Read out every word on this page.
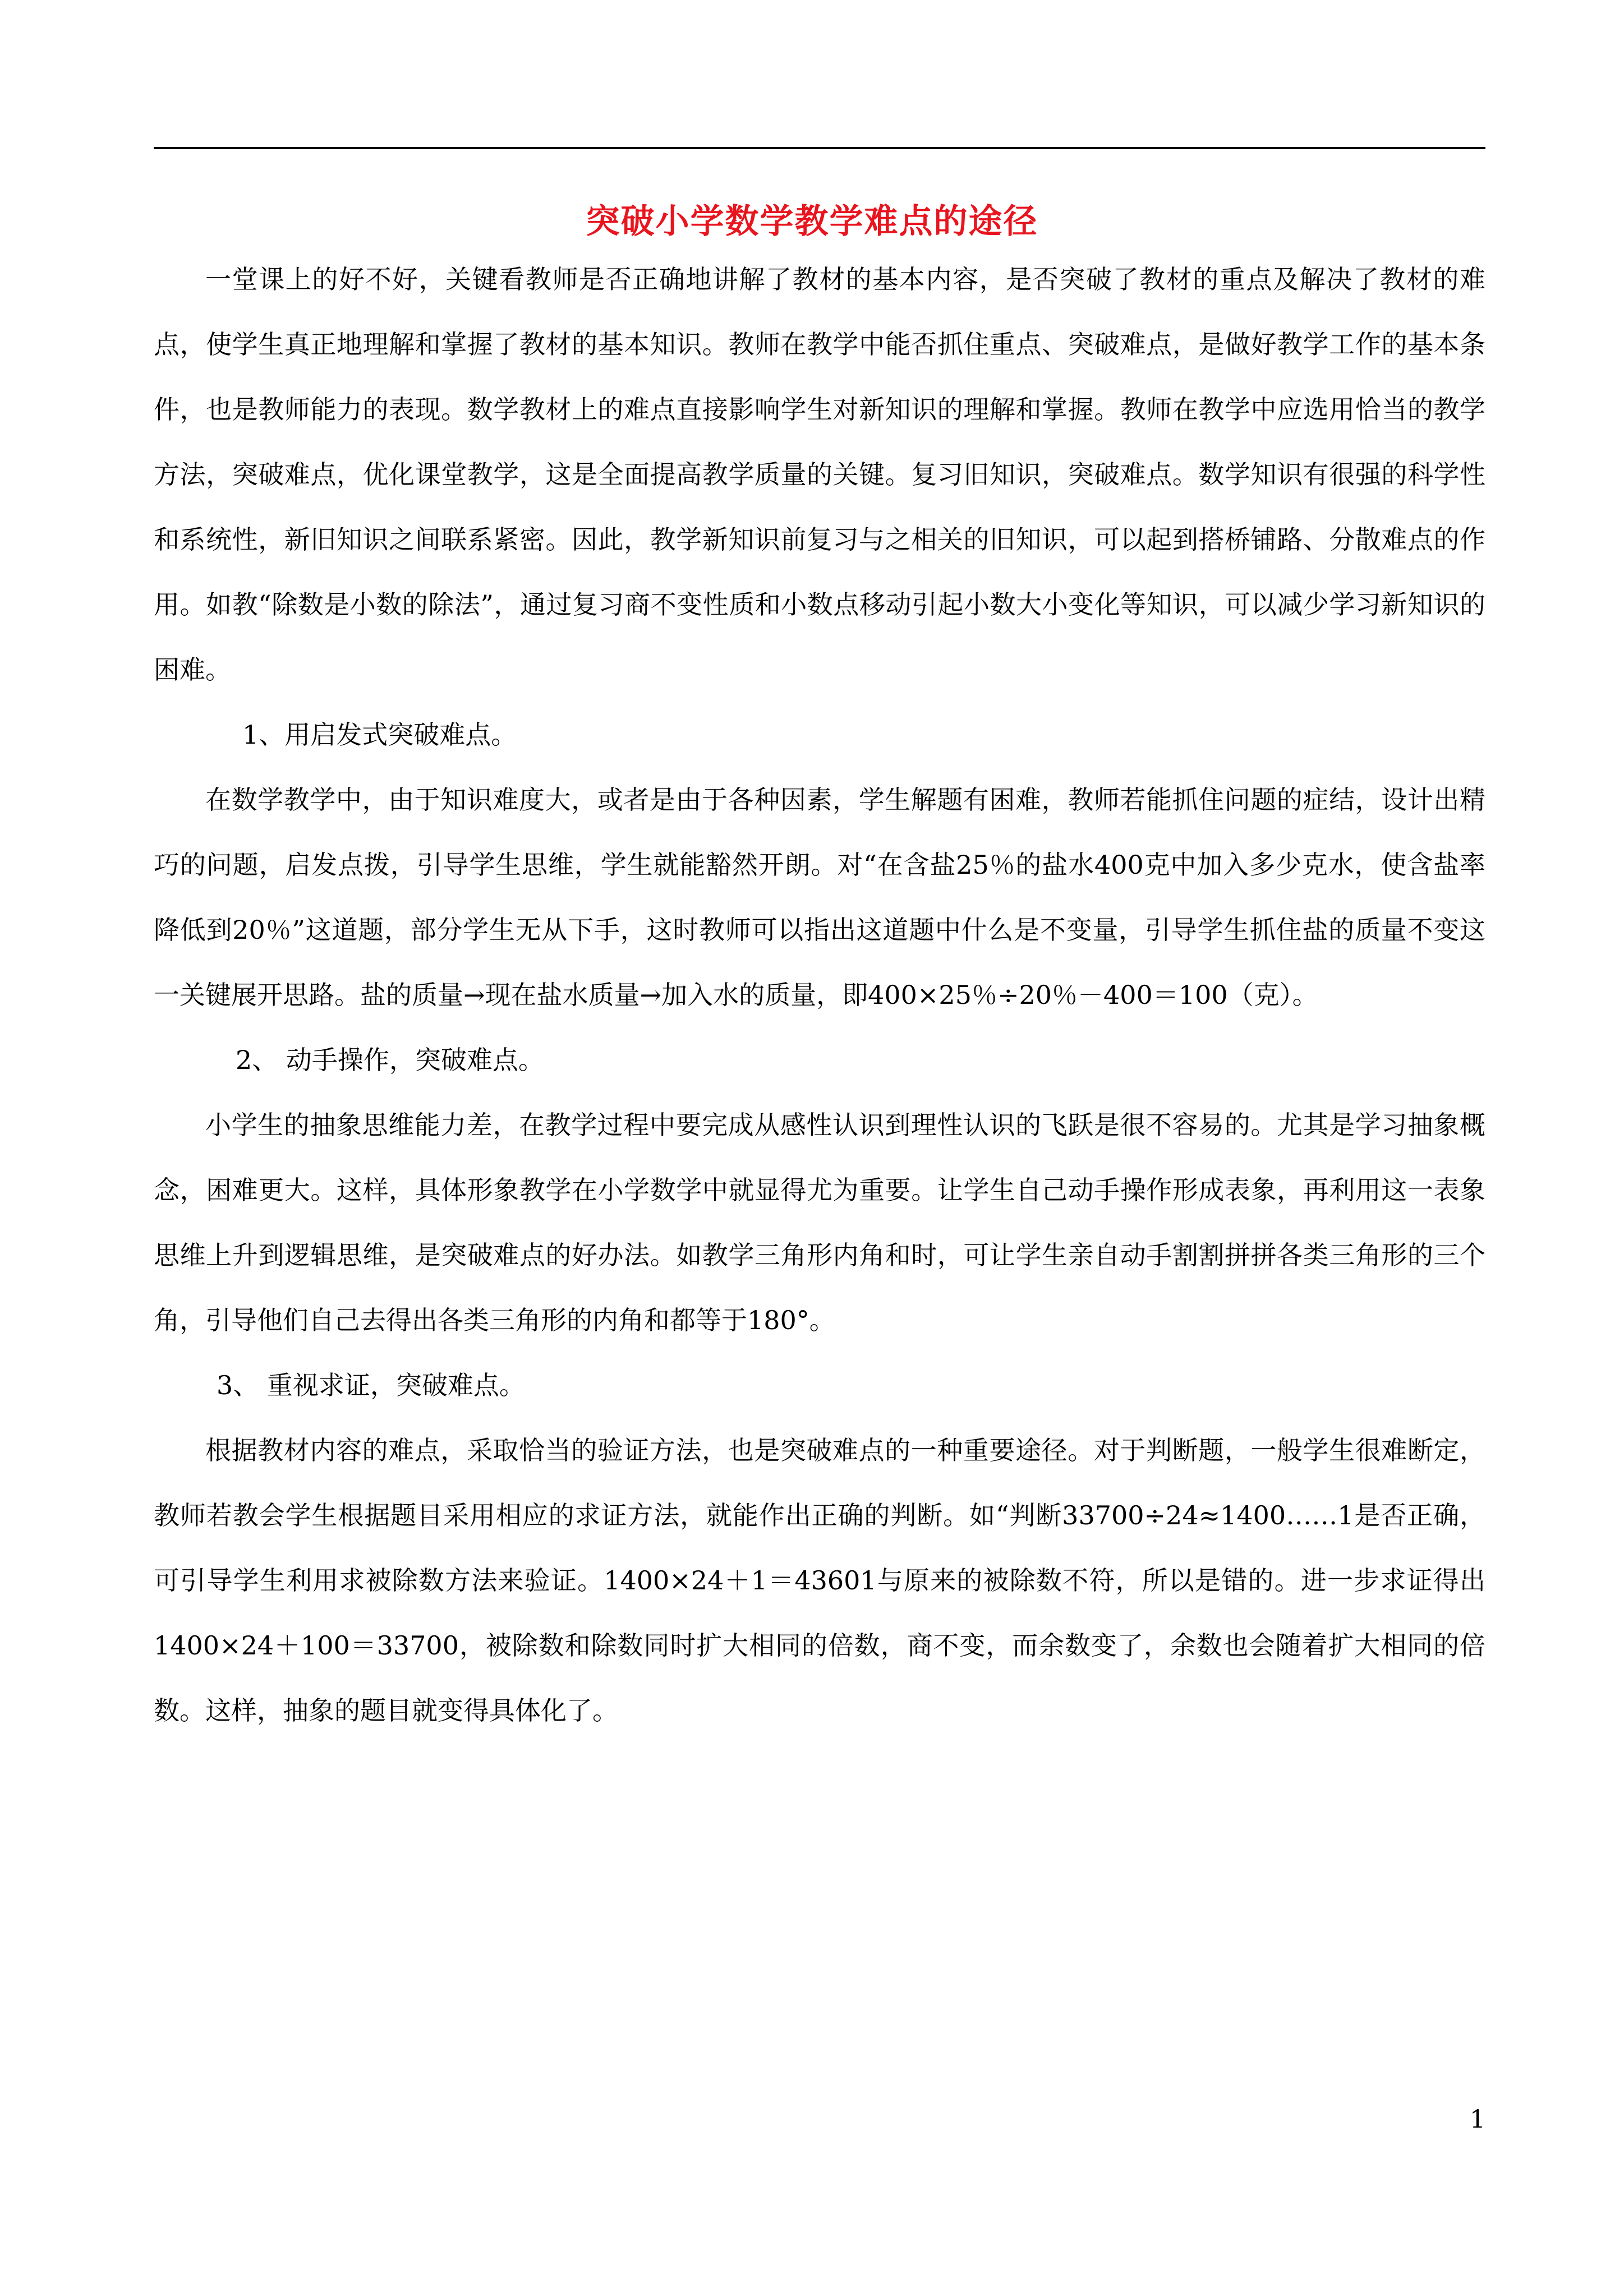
突破小学数学教学难点的途径

一堂课上的好不好，关键看教师是否正确地讲解了教材的基本内容，是否突破了教材的重点及解决了教材的难点，使学生真正地理解和掌握了教材的基本知识。教师在教学中能否抓住重点、突破难点，是做好教学工作的基本条件，也是教师能力的表现。数学教材上的难点直接影响学生对新知识的理解和掌握。教师在教学中应选用恰当的教学方法，突破难点，优化课堂教学，这是全面提高教学质量的关键。复习旧知识，突破难点。数学知识有很强的科学性和系统性，新旧知识之间联系紧密。因此，教学新知识前复习与之相关的旧知识，可以起到搭桥铺路、分散难点的作用。如教“除数是小数的除法”，通过复习商不变性质和小数点移动引起小数大小变化等知识，可以减少学习新知识的困难。

1、用启发式突破难点。

在数学教学中，由于知识难度大，或者是由于各种因素，学生解题有困难，教师若能抓住问题的症结，设计出精巧的问题，启发点拨，引导学生思维，学生就能豁然开朗。对“在含盐25％的盐水400克中加入多少克水，使含盐率降低到20％”这道题，部分学生无从下手，这时教师可以指出这道题中什么是不变量，引导学生抓住盐的质量不变这一关键展开思路。盐的质量→现在盐水质量→加入水的质量，即400×25％÷20％－400＝100（克）。

2、 动手操作，突破难点。

小学生的抽象思维能力差，在教学过程中要完成从感性认识到理性认识的飞跃是很不容易的。尤其是学习抽象概念，困难更大。这样，具体形象教学在小学数学中就显得尤为重要。让学生自己动手操作形成表象，再利用这一表象思维上升到逻辑思维，是突破难点的好办法。如教学三角形内角和时，可让学生亲自动手割割拼拼各类三角形的三个角，引导他们自己去得出各类三角形的内角和都等于180°。

3、 重视求证，突破难点。

根据教材内容的难点，采取恰当的验证方法，也是突破难点的一种重要途径。对于判断题，一般学生很难断定，教师若教会学生根据题目采用相应的求证方法，就能作出正确的判断。如“判断33700÷24≈1400……1是否正确，可引导学生利用求被除数方法来验证。1400×24＋1＝43601与原来的被除数不符，所以是错的。进一步求证得出1400×24＋100＝33700，被除数和除数同时扩大相同的倍数，商不变，而余数变了，余数也会随着扩大相同的倍数。这样，抽象的题目就变得具体化了。

1
